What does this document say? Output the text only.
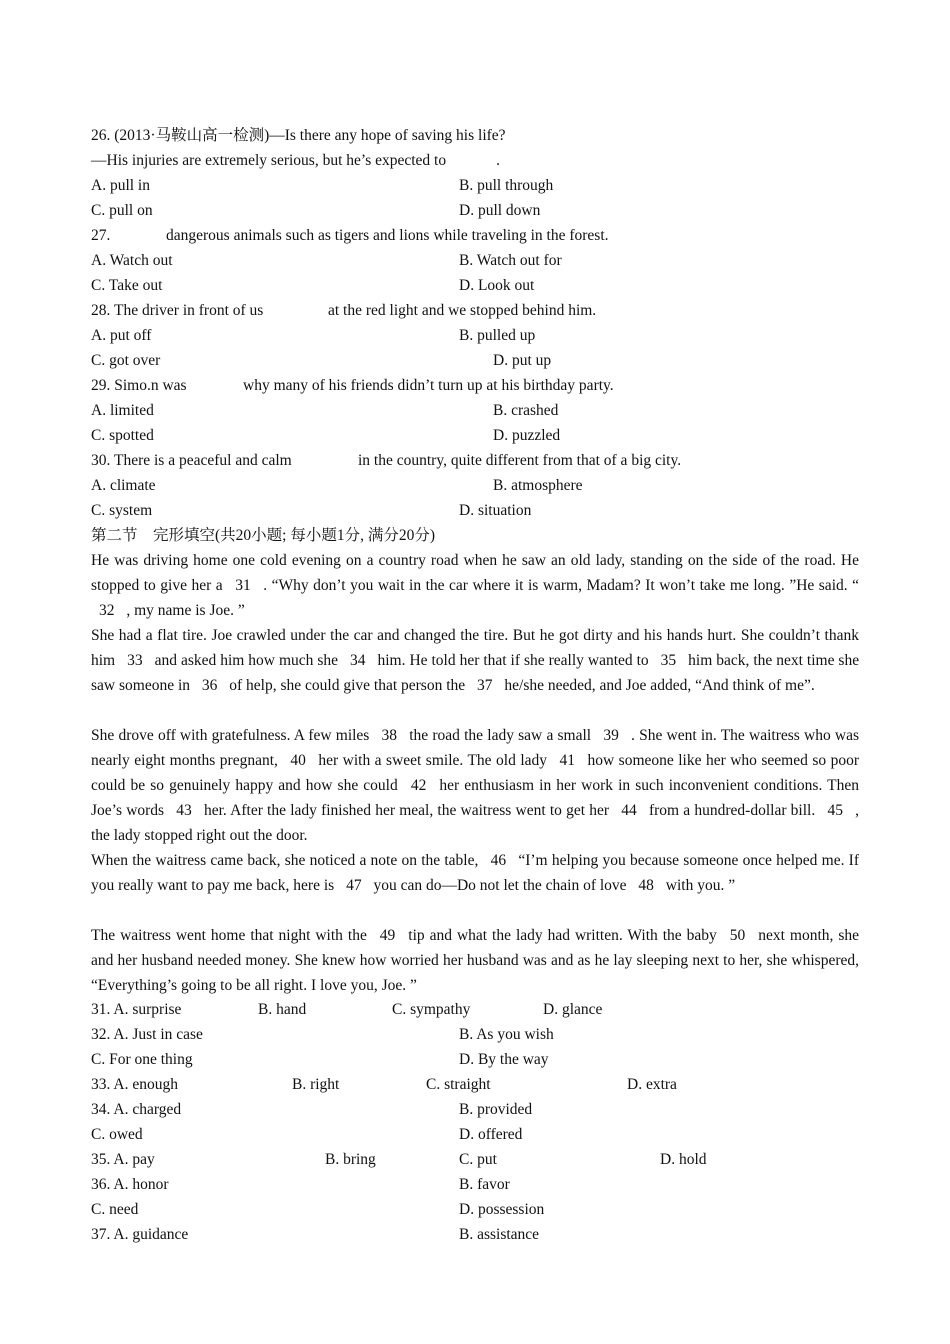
26. (2013·马鞍山高一检测)—Is there any hope of saving his life?
—His injuries are extremely serious, but he’s expected to	.
A. pull in	B. pull through
C. pull on	D. pull down
27.	dangerous animals such as tigers and lions while traveling in the forest.
A. Watch out	B. Watch out for
C. Take out	D. Look out
28. The driver in front of us	at the red light and we stopped behind him.
A. put off	B. pulled up
C. got over	D. put up
29. Simo.n was	why many of his friends didn’t turn up at his birthday party.
A. limited	B. crashed
C. spotted	D. puzzled
30. There is a peaceful and calm	in the country, quite different from that of a big city.
A. climate	B. atmosphere
C. system	D. situation
第二节　完形填空(共20小题; 每小题1分, 满分20分)
He was driving home one cold evening on a country road when he saw an old lady, standing on the side of the road. He stopped to give her a 31 . “Why don’t you wait in the car where it is warm, Madam? It won’t take me long. ”He said. “ 32 , my name is Joe. ”
She had a flat tire. Joe crawled under the car and changed the tire. But he got dirty and his hands hurt. She couldn’t thank him 33 and asked him how much she 34 him. He told her that if she really wanted to 35 him back, the next time she saw someone in 36 of help, she could give that person the 37 he/she needed, and Joe added, “And think of me”.
She drove off with gratefulness. A few miles 38 the road the lady saw a small 39 . She went in. The waitress who was nearly eight months pregnant, 40 her with a sweet smile. The old lady 41 how someone like her who seemed so poor could be so genuinely happy and how she could 42 her enthusiasm in her work in such inconvenient conditions. Then Joe’s words 43 her. After the lady finished her meal, the waitress went to get her 44 from a hundred-dollar bill. 45 , the lady stopped right out the door.
When the waitress came back, she noticed a note on the table, 46 “I’m helping you because someone once helped me. If you really want to pay me back, here is 47 you can do—Do not let the chain of love 48 with you. ”
The waitress went home that night with the 49 tip and what the lady had written. With the baby 50 next month, she and her husband needed money. She knew how worried her husband was and as he lay sleeping next to her, she whispered, “Everything’s going to be all right. I love you, Joe. ”
31. A. surprise	B. hand	C. sympathy	D. glance
32. A. Just in case	B. As you wish
C. For one thing	D. By the way
33. A. enough	B. right	C. straight	D. extra
34. A. charged	B. provided
C. owed	D. offered
35. A. pay	B. bring	C. put	D. hold
36. A. honor	B. favor
C. need	D. possession
37. A. guidance	B. assistance
